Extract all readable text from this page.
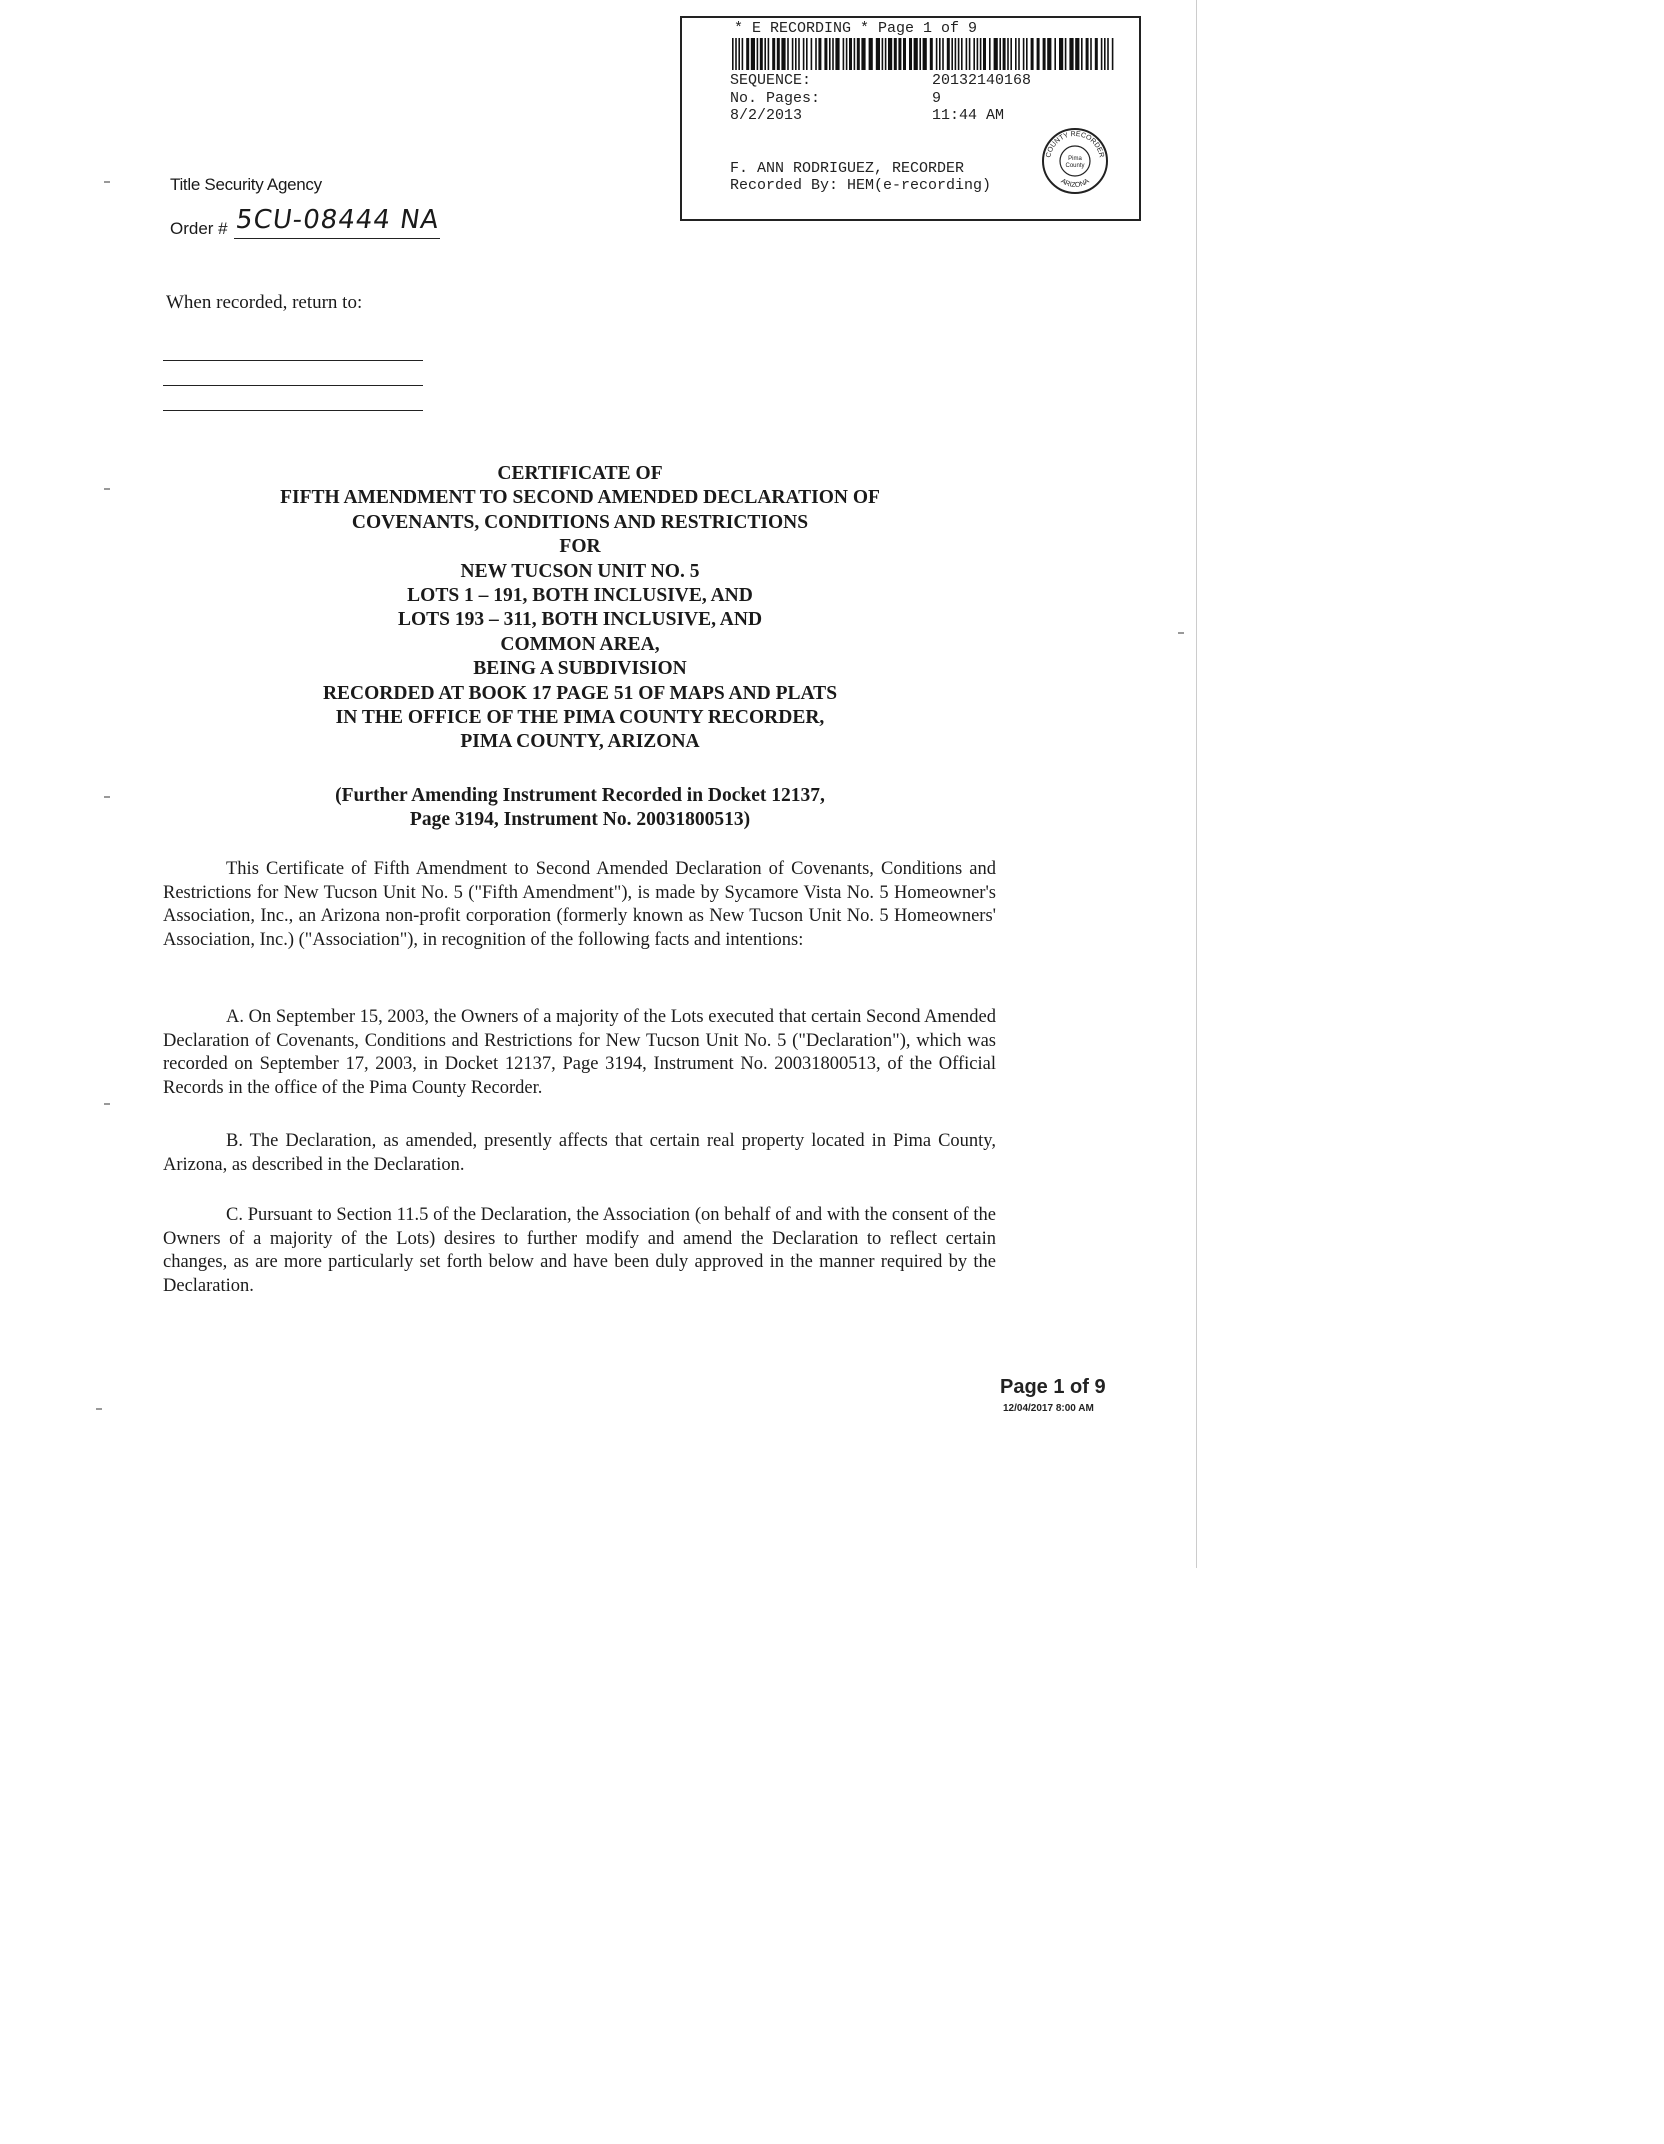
* E RECORDING * Page 1 of 9
SEQUENCE:	20132140168
No. Pages:	9
8/2/2013	11:44 AM
F. ANN RODRIGUEZ, RECORDER
Recorded By: HEM(e-recording)
COUNTY RECORDER
ARIZONA
Pima
County
Title Security Agency
Order # 5CU-08444 NA
When recorded, return to:
CERTIFICATE OF
FIFTH AMENDMENT TO SECOND AMENDED DECLARATION OF
COVENANTS, CONDITIONS AND RESTRICTIONS
FOR
NEW TUCSON UNIT NO. 5
LOTS 1 – 191, BOTH INCLUSIVE, AND
LOTS 193 – 311, BOTH INCLUSIVE, AND
COMMON AREA,
BEING A SUBDIVISION
RECORDED AT BOOK 17 PAGE 51 OF MAPS AND PLATS
IN THE OFFICE OF THE PIMA COUNTY RECORDER,
PIMA COUNTY, ARIZONA
(Further Amending Instrument Recorded in Docket 12137,
Page 3194, Instrument No. 20031800513)
This Certificate of Fifth Amendment to Second Amended Declaration of Covenants, Conditions and Restrictions for New Tucson Unit No. 5 ("Fifth Amendment"), is made by Sycamore Vista No. 5 Homeowner's Association, Inc., an Arizona non-profit corporation (formerly known as New Tucson Unit No. 5 Homeowners' Association, Inc.) ("Association"), in recognition of the following facts and intentions:
A. On September 15, 2003, the Owners of a majority of the Lots executed that certain Second Amended Declaration of Covenants, Conditions and Restrictions for New Tucson Unit No. 5 ("Declaration"), which was recorded on September 17, 2003, in Docket 12137, Page 3194, Instrument No. 20031800513, of the Official Records in the office of the Pima County Recorder.
B. The Declaration, as amended, presently affects that certain real property located in Pima County, Arizona, as described in the Declaration.
C. Pursuant to Section 11.5 of the Declaration, the Association (on behalf of and with the consent of the Owners of a majority of the Lots) desires to further modify and amend the Declaration to reflect certain changes, as are more particularly set forth below and have been duly approved in the manner required by the Declaration.
Page 1 of 9
12/04/2017 8:00 AM
